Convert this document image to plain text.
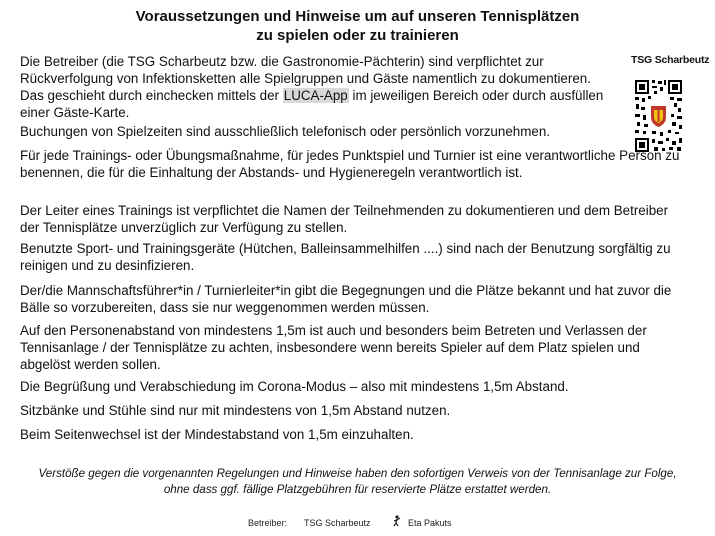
Voraussetzungen und Hinweise um auf unseren Tennisplätzen
zu spielen oder zu trainieren
TSG Scharbeutz

Die Betreiber (die TSG Scharbeutz bzw. die Gastronomie-Pächterin) sind verpflichtet zur Rückverfolgung von Infektionsketten alle Spielgruppen und Gäste namentlich zu dokumentieren. Das geschieht durch einchecken mittels der LUCA-App im jeweiligen Bereich oder durch ausfüllen einer Gäste-Karte.

Buchungen von Spielzeiten sind ausschließlich telefonisch oder persönlich vorzunehmen.

Für jede Trainings- oder Übungsmaßnahme, für jedes Punktspiel und Turnier ist eine verantwortliche Person zu benennen, die für die Einhaltung der Abstands- und Hygieneregeln verantwortlich ist.

Der Leiter eines Trainings ist verpflichtet die Namen der Teilnehmenden zu dokumentieren und dem Betreiber der Tennisplätze unverzüglich zur Verfügung zu stellen.

Benutzte Sport- und Trainingsgeräte (Hütchen, Balleinsammelhilfen ....) sind nach der Benutzung sorgfältig zu reinigen und zu desinfizieren.

Der/die Mannschaftsführer*in / Turnierleiter*in gibt die Begegnungen und die Plätze bekannt und hat zuvor die Bälle so vorzubereiten, dass sie nur weggenommen werden müssen.

Auf den Personenabstand von mindestens 1,5m ist auch und besonders beim Betreten und Verlassen der Tennisanlage / der Tennisplätze zu achten, insbesondere wenn bereits Spieler auf dem Platz spielen und abgelöst werden sollen.

Die Begrüßung und Verabschiedung im Corona-Modus – also mit mindestens 1,5m Abstand.

Sitzbänke und Stühle sind nur mit mindestens von 1,5m Abstand nutzen.

Beim Seitenwechsel ist der Mindestabstand von 1,5m einzuhalten.

Verstöße gegen die vorgenannten Regelungen und Hinweise haben den sofortigen Verweis von der Tennisanlage zur Folge, ohne dass ggf. fällige Platzgebühren für reservierte Plätze erstattet werden.
Betreiber: TSG Scharbeutz	Eta Pakuts
